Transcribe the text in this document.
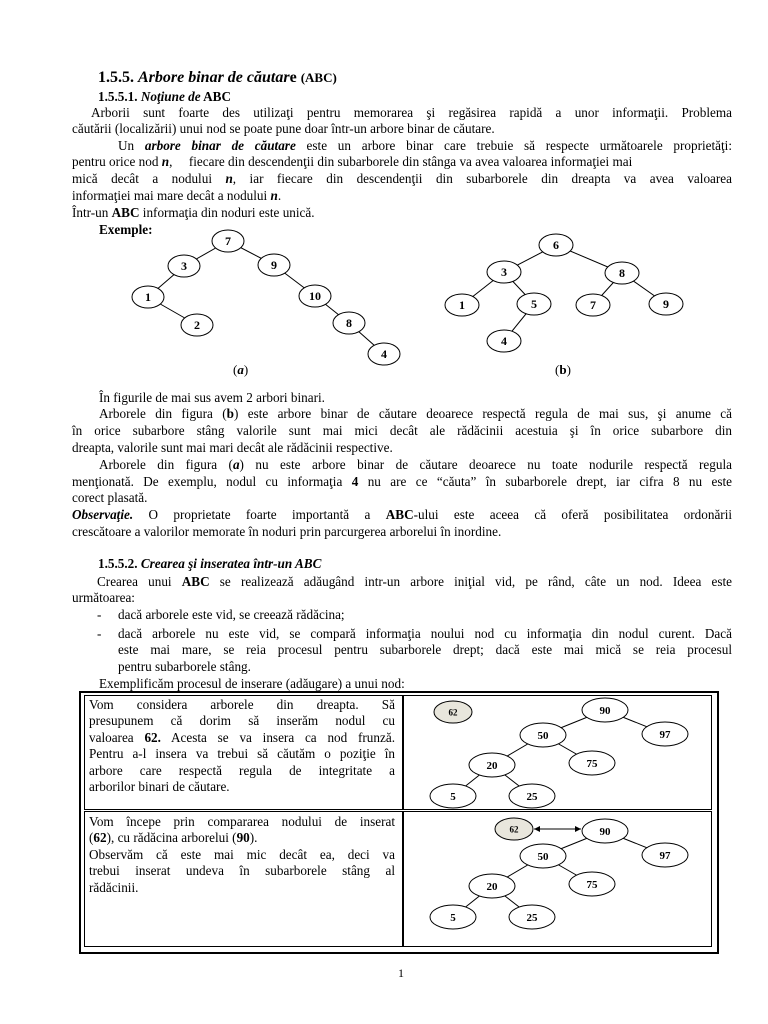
1.5.5. Arbore binar de căutare (ABC)
1.5.5.1. Noţiune de ABC
Arborii sunt foarte des utilizaţi pentru memorarea şi regăsirea rapidă a unor informaţii. Problema
căutării (localizării) unui nod se poate pune doar într-un arbore binar de căutare.
Un arbore binar de căutare este un arbore binar care trebuie să respecte următoarele proprietăţi:
pentru orice nod n,     fiecare din descendenţii din subarborele din stânga va avea valoarea informaţiei mai
mică decât a nodului n, iar fiecare din descendenţii din subarborele din dreapta va avea valoarea
informaţiei mai mare decât a nodului n.
Într-un ABC informaţia din noduri este unică.
Exemple:
7
3	9
1	10
2	8
4
6
3	8
1	5	7	9
4
90
50	97
20	75
5	25
62
90
50	97
20	75
5	25
62
(a)	(b)
În figurile de mai sus avem 2 arbori binari.
Arborele din figura (b) este arbore binar de căutare deoarece respectă regula de mai sus, şi anume că
în orice subarbore stâng valorile sunt mai mici decât ale rădăcinii acestuia şi în orice subarbore din
dreapta, valorile sunt mai mari decât ale rădăcinii respective.
Arborele din figura (a) nu este arbore binar de căutare deoarece nu toate nodurile respectă regula
menţionată. De exemplu, nodul cu informaţia 4 nu are ce “căuta” în subarborele drept, iar cifra 8 nu este
corect plasată.
Observaţie. O proprietate foarte importantă a ABC-ului este aceea că oferă posibilitatea ordonării
crescătoare a valorilor memorate în noduri prin parcurgerea arborelui în inordine.
1.5.5.2. Crearea şi inseratea într-un ABC
Crearea unui ABC se realizează adăugând intr-un arbore iniţial vid, pe rând, câte un nod. Ideea este
următoarea:
- dacă arborele este vid, se creează rădăcina;
- dacă arborele nu este vid, se compară informaţia noului nod cu informaţia din nodul curent. Dacă
este mai mare, se reia procesul pentru subarborele drept; dacă este mai mică se reia procesul
pentru subarborele stâng.
Exemplificăm procesul de inserare (adăugare) a unui nod:
Vom considera arborele din dreapta. Să
presupunem că dorim să inserăm nodul cu
valoarea 62. Acesta se va insera ca nod frunză.
Pentru a-l insera va trebui să căutăm o poziţie în
arbore care respectă regula de integritate a
arborilor binari de căutare.
Vom începe prin compararea nodului de inserat
(62), cu rădăcina arborelui (90).
Observăm că este mai mic decât ea, deci va
trebui inserat undeva în subarborele stâng al
rădăcinii.
1
